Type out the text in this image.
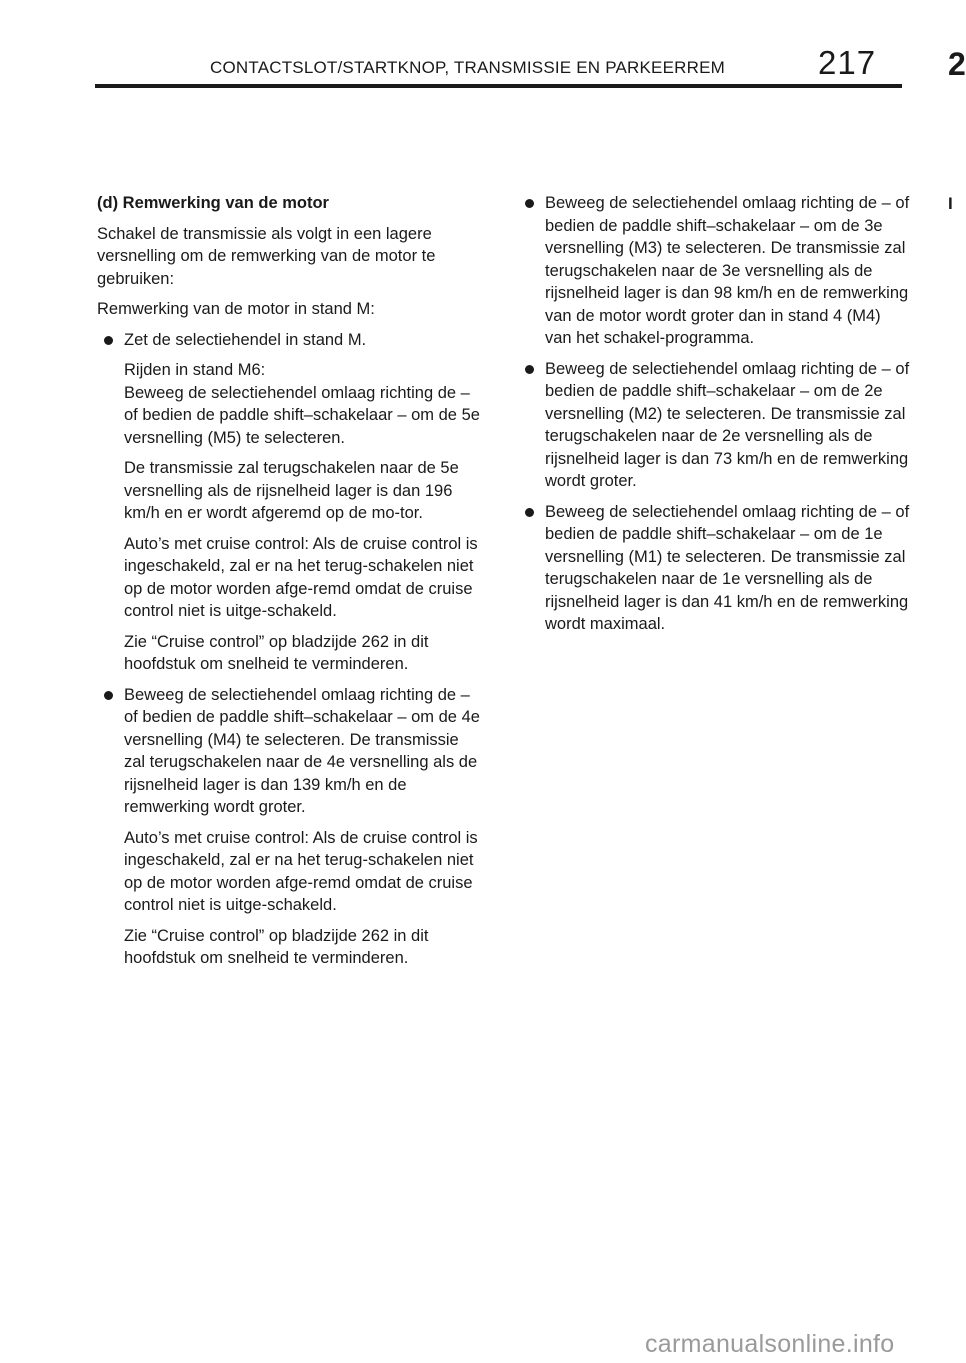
CONTACTSLOT/STARTKNOP, TRANSMISSIE EN PARKEERREM	217 2
I

(d) Remwerking van de motor

Schakel de transmissie als volgt in een lagere versnelling om de remwerking van de motor te gebruiken:

Remwerking van de motor in stand M:

Zet de selectiehendel in stand M.

Rijden in stand M6:

Beweeg de selectiehendel omlaag richting de – of bedien de paddle shift–schakelaar – om de 5e versnelling (M5) te selecteren.

De transmissie zal terugschakelen naar de 5e versnelling als de rijsnelheid lager is dan 196 km/h en er wordt afgeremd op de mo-tor.

Auto’s met cruise control: Als de cruise control is ingeschakeld, zal er na het terug-schakelen niet op de motor worden afge-remd omdat de cruise control niet is uitge-schakeld.

Zie “Cruise control” op bladzijde 262 in dit hoofdstuk om snelheid te verminderen.

Beweeg de selectiehendel omlaag richting de – of bedien de paddle shift–schakelaar – om de 4e versnelling (M4) te selecteren. De transmissie zal terugschakelen naar de 4e versnelling als de rijsnelheid lager is dan 139 km/h en de remwerking wordt groter.

Auto’s met cruise control: Als de cruise control is ingeschakeld, zal er na het terug-schakelen niet op de motor worden afge-remd omdat de cruise control niet is uitge-schakeld.

Zie “Cruise control” op bladzijde 262 in dit hoofdstuk om snelheid te verminderen.

Beweeg de selectiehendel omlaag richting de – of bedien de paddle shift–schakelaar – om de 3e versnelling (M3) te selecteren. De transmissie zal terugschakelen naar de 3e versnelling als de rijsnelheid lager is dan 98 km/h en de remwerking van de motor wordt groter dan in stand 4 (M4) van het schakel-programma.

Beweeg de selectiehendel omlaag richting de – of bedien de paddle shift–schakelaar – om de 2e versnelling (M2) te selecteren. De transmissie zal terugschakelen naar de 2e versnelling als de rijsnelheid lager is dan 73 km/h en de remwerking wordt groter.

Beweeg de selectiehendel omlaag richting de – of bedien de paddle shift–schakelaar – om de 1e versnelling (M1) te selecteren. De transmissie zal terugschakelen naar de 1e versnelling als de rijsnelheid lager is dan 41 km/h en de remwerking wordt maximaal.

carmanualsonline.info
